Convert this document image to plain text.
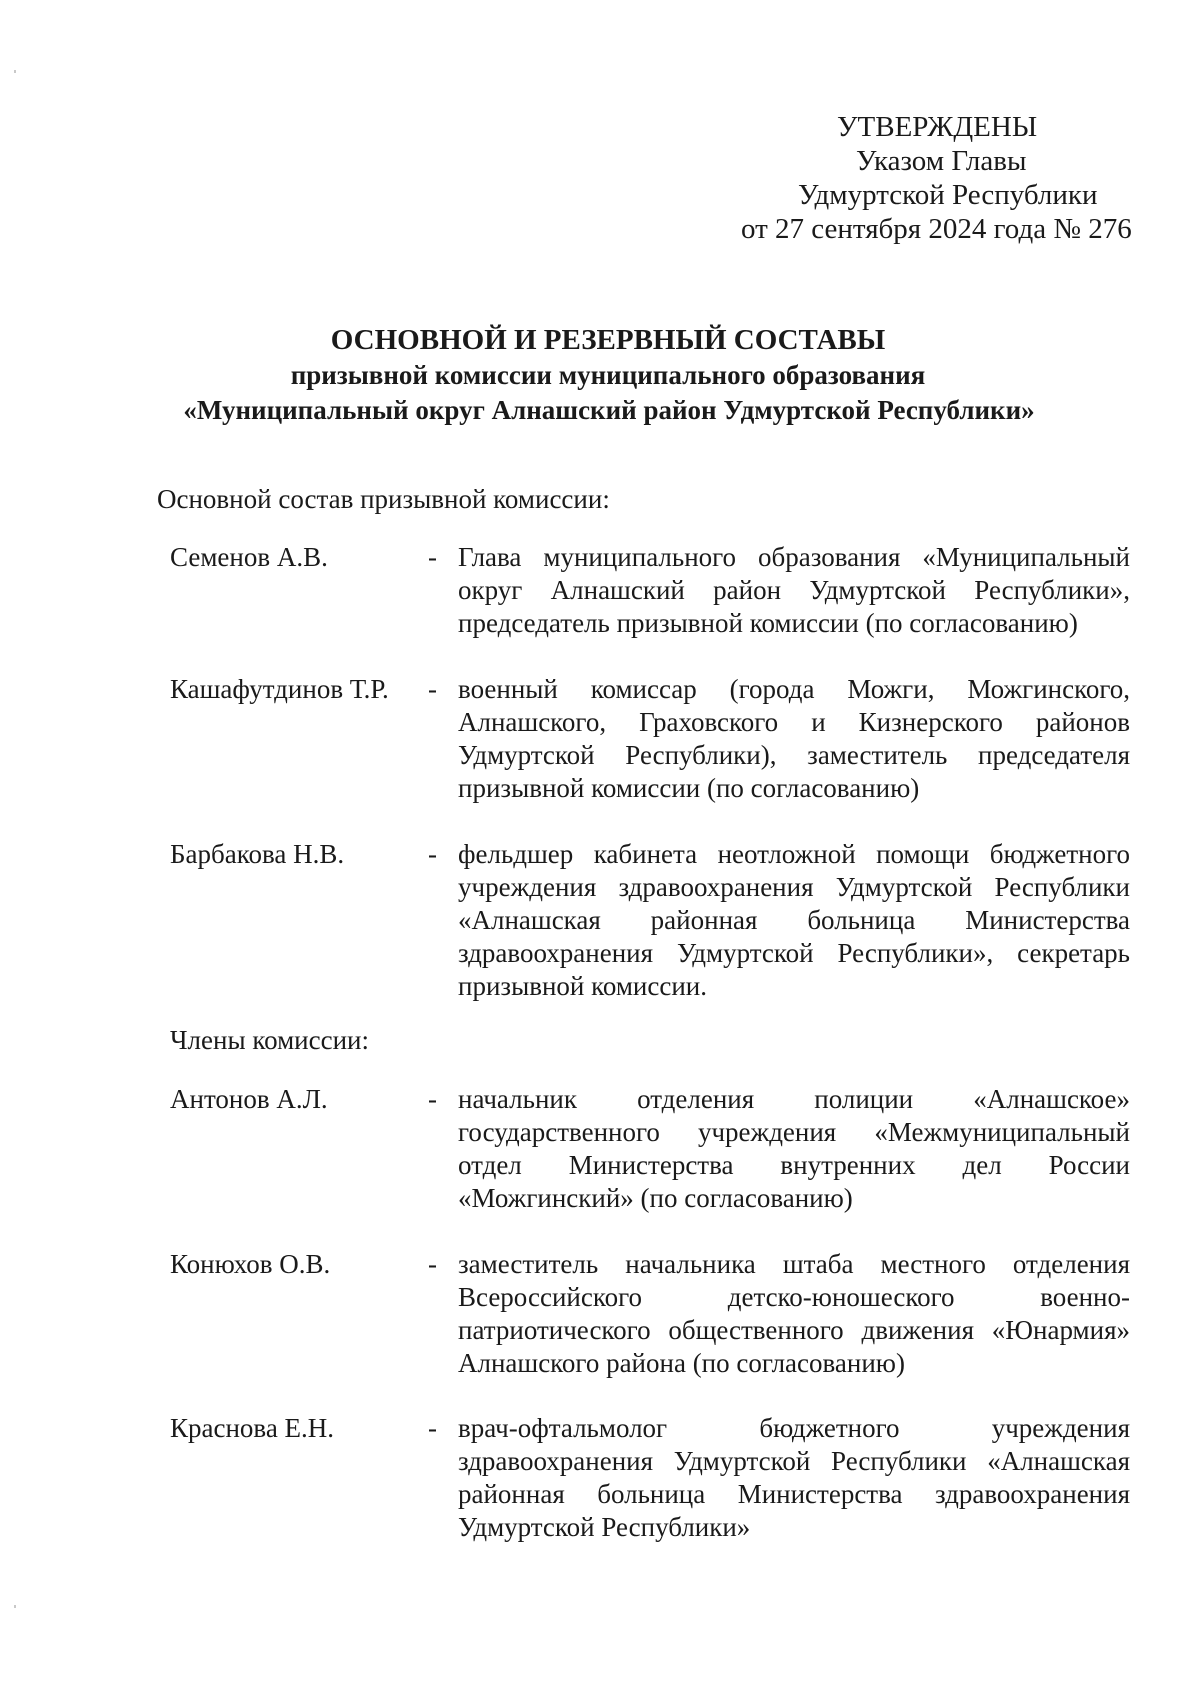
УТВЕРЖДЕНЫ
Указом Главы
Удмуртской Республики
от 27 сентября 2024 года № 276
ОСНОВНОЙ И РЕЗЕРВНЫЙ СОСТАВЫ
призывной комиссии муниципального образования
«Муниципальный округ Алнашский район Удмуртской Республики»
Основной состав призывной комиссии:
Семенов А.В.	- Глава муниципального образования «Муниципальный округ Алнашский район Удмуртской Республики», председатель призывной комиссии (по согласованию)
Кашафутдинов Т.Р. - военный комиссар (города Можги, Можгинского, Алнашского, Граховского и Кизнерского районов Удмуртской Республики), заместитель председателя призывной комиссии (по согласованию)
Барбакова Н.В.	- фельдшер кабинета неотложной помощи бюджетного учреждения здравоохранения Удмуртской Республики «Алнашская районная больница Министерства здравоохранения Удмуртской Республики», секретарь призывной комиссии.
Члены комиссии:
Антонов А.Л.	- начальник отделения полиции «Алнашское» государственного учреждения «Межмуниципальный отдел Министерства внутренних дел России «Можгинский» (по согласованию)
Конюхов О.В.	- заместитель начальника штаба местного отделения Всероссийского детско-юношеского военно-патриотического общественного движения «Юнармия» Алнашского района (по согласованию)
Краснова Е.Н.	- врач-офтальмолог бюджетного учреждения здравоохранения Удмуртской Республики «Алнашская районная больница Министерства здравоохранения Удмуртской Республики»
